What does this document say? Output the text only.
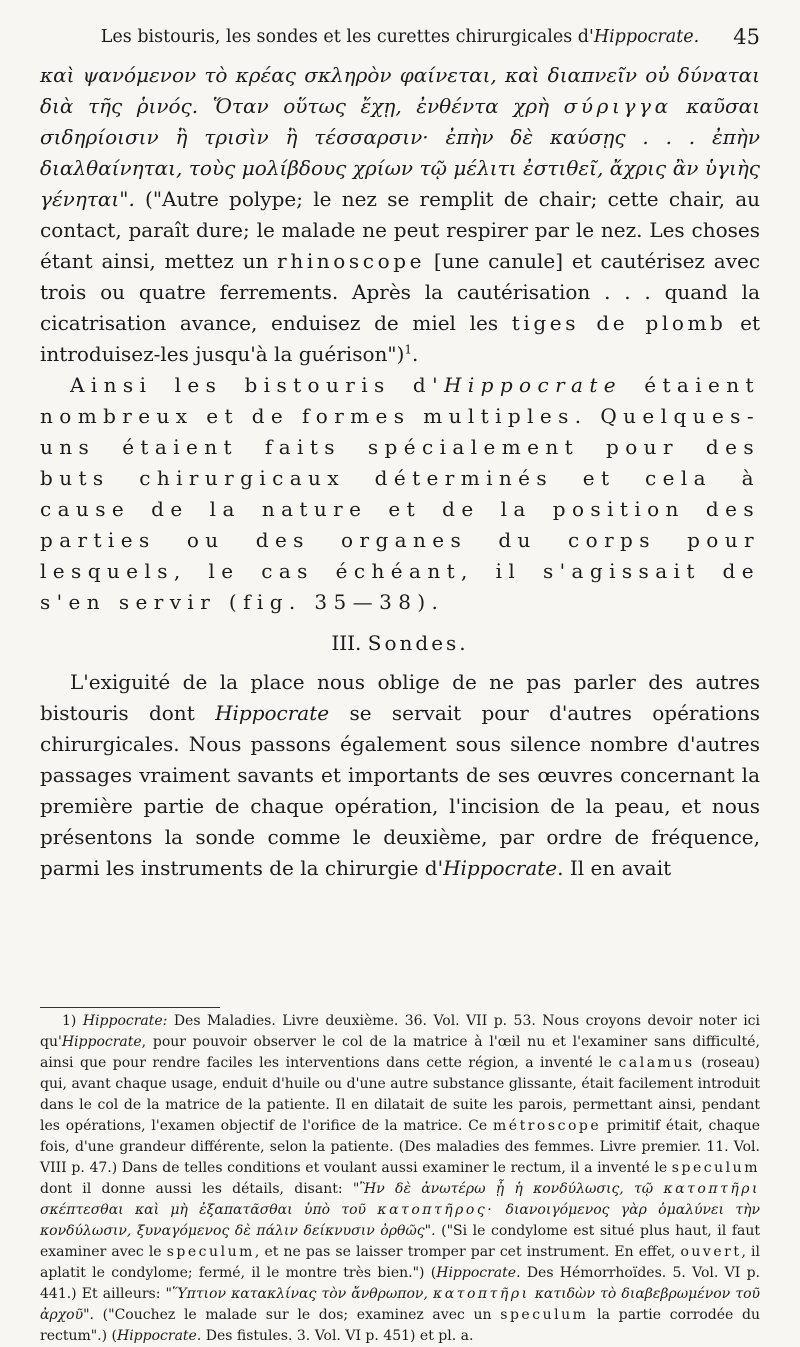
Les bistouris, les sondes et les curettes chirurgicales d'Hippocrate. 45

καὶ ψανόμενον τὸ κρέας σκληρὸν φαίνεται, καὶ διαπνεῖν οὐ δύναται διὰ τῆς ῥινός. Ὅταν οὕτως ἔχῃ, ἐνθέντα χρὴ σύριγγα καῦσαι σιδηρίοισιν ἢ τρισὶν ἢ τέσσαρσιν· ἐπὴν δὲ καύσῃς . . . ἐπὴν διαλθαίνηται, τοὺς μολίβδους χρίων τῷ μέλιτι ἐστιθεῖ, ἄχρις ἂν ὑγιὴς γένηται". ("Autre polype; le nez se remplit de chair; cette chair, au contact, paraît dure; le malade ne peut respirer par le nez. Les choses étant ainsi, mettez un rhinoscope [une canule] et cautérisez avec trois ou quatre ferrements. Après la cautérisation . . . quand la cicatrisation avance, enduisez de miel les tiges de plomb et introduisez-les jusqu'à la guérison")$^1$.

Ainsi les bistouris d'Hippocrate étaient nombreux et de formes multiples. Quelques-uns étaient faits spécialement pour des buts chirurgicaux déterminés et cela à cause de la nature et de la position des parties ou des organes du corps pour lesquels, le cas échéant, il s'agissait de s'en servir (fig. 35—38).

III. Sondes.

L'exiguité de la place nous oblige de ne pas parler des autres bistouris dont Hippocrate se servait pour d'autres opérations chirurgicales. Nous passons également sous silence nombre d'autres passages vraiment savants et importants de ses œuvres concernant la première partie de chaque opération, l'incision de la peau, et nous présentons la sonde comme le deuxième, par ordre de fréquence, parmi les instruments de la chirurgie d'Hippocrate. Il en avait

1) Hippocrate: Des Maladies. Livre deuxième. 36. Vol. VII p. 53. Nous croyons devoir noter ici qu'Hippocrate, pour pouvoir observer le col de la matrice à l'œil nu et l'examiner sans difficulté, ainsi que pour rendre faciles les interventions dans cette région, a inventé le calamus (roseau) qui, avant chaque usage, enduit d'huile ou d'une autre substance glissante, était facilement introduit dans le col de la matrice de la patiente. Il en dilatait de suite les parois, permettant ainsi, pendant les opérations, l'examen objectif de l'orifice de la matrice. Ce métroscope primitif était, chaque fois, d'une grandeur différente, selon la patiente. (Des maladies des femmes. Livre premier. 11. Vol. VIII p. 47.) Dans de telles conditions et voulant aussi examiner le rectum, il a inventé le speculum dont il donne aussi les détails, disant: "Ἢν δὲ ἀνωτέρω ᾖ ἡ κονδύλωσις, τῷ κατοπτῆρι σκέπτεσθαι καὶ μὴ ἐξαπατᾶσθαι ὑπὸ τοῦ κατοπτῆρος· διανοιγόμενος γὰρ ὁμαλύνει τὴν κονδύλωσιν, ξυναγόμενος δὲ πάλιν δείκνυσιν ὀρθῶς". ("Si le condylome est situé plus haut, il faut examiner avec le speculum, et ne pas se laisser tromper par cet instrument. En effet, ouvert, il aplatit le condylome; fermé, il le montre très bien.") (Hippocrate. Des Hémorrhoïdes. 5. Vol. VI p. 441.) Et ailleurs: "Ὕπτιον κατακλίνας τὸν ἄνθρωπον, κατοπτῆρι κατιδὼν τὸ διαβεβρωμένον τοῦ ἀρχοῦ". ("Couchez le malade sur le dos; examinez avec un speculum la partie corrodée du rectum".) (Hippocrate. Des fistules. 3. Vol. VI p. 451) et pl. a.
